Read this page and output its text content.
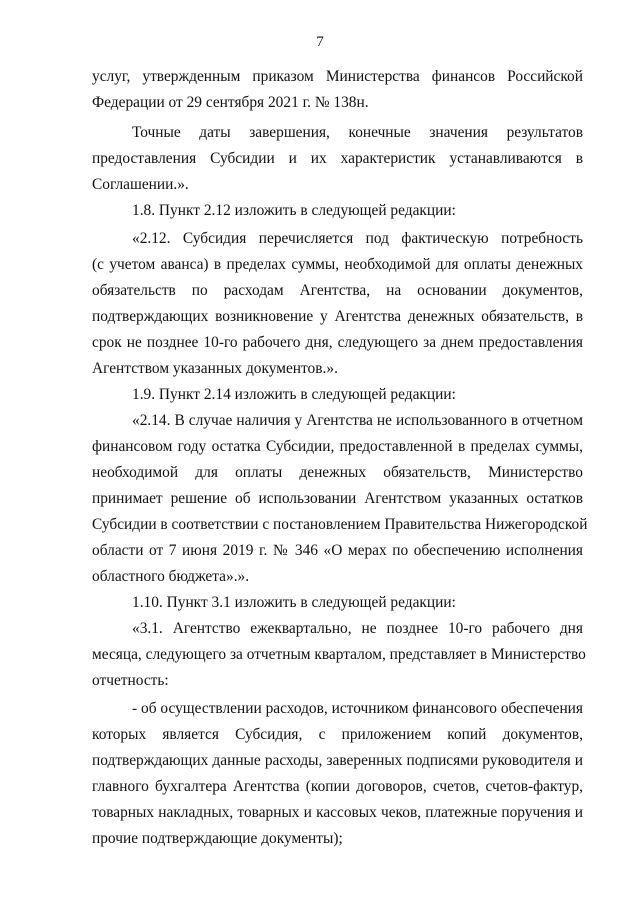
7
услуг, утвержденным приказом Министерства финансов Российской
Федерации от 29 сентября 2021 г. № 138н.
Точные даты завершения, конечные значения результатов
предоставления Субсидии и их характеристик устанавливаются в
Соглашении.».
1.8. Пункт 2.12 изложить в следующей редакции:
«2.12. Субсидия перечисляется под фактическую потребность
(с учетом аванса) в пределах суммы, необходимой для оплаты денежных
обязательств по расходам Агентства, на основании документов,
подтверждающих возникновение у Агентства денежных обязательств, в
срок не позднее 10-го рабочего дня, следующего за днем предоставления
Агентством указанных документов.».
1.9. Пункт 2.14 изложить в следующей редакции:
«2.14. В случае наличия у Агентства не использованного в отчетном
финансовом году остатка Субсидии, предоставленной в пределах суммы,
необходимой для оплаты денежных обязательств, Министерство
принимает решение об использовании Агентством указанных остатков
Субсидии в соответствии с постановлением Правительства Нижегородской
области от 7 июня 2019 г. № 346 «О мерах по обеспечению исполнения
областного бюджета».».
1.10. Пункт 3.1 изложить в следующей редакции:
«3.1. Агентство ежеквартально, не позднее 10-го рабочего дня
месяца, следующего за отчетным кварталом, представляет в Министерство
отчетность:
- об осуществлении расходов, источником финансового обеспечения
которых является Субсидия, с приложением копий документов,
подтверждающих данные расходы, заверенных подписями руководителя и
главного бухгалтера Агентства (копии договоров, счетов, счетов-фактур,
товарных накладных, товарных и кассовых чеков, платежные поручения и
прочие подтверждающие документы);
